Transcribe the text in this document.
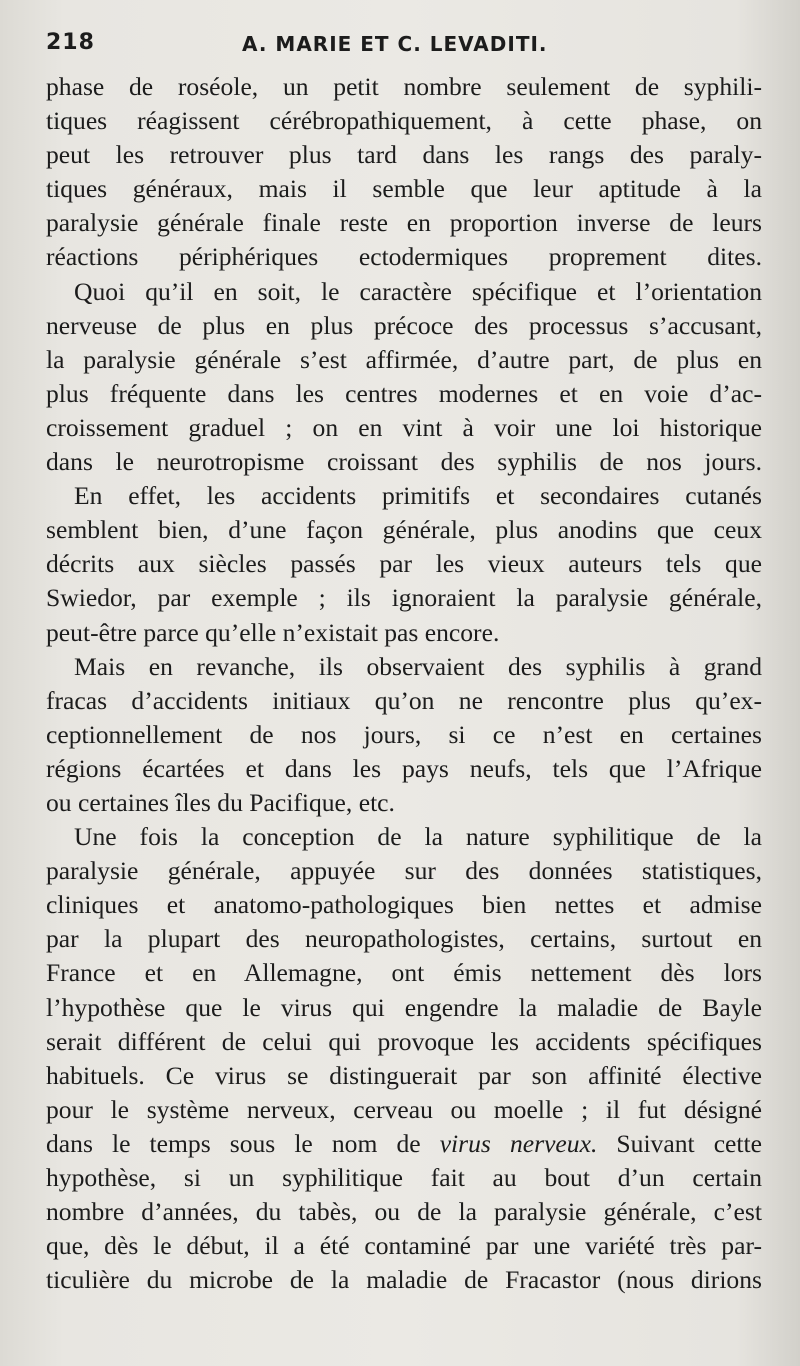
218	A. MARIE ET C. LEVADITI.

phase de roséole, un petit nombre seulement de syphili-
tiques réagissent cérébropathiquement, à cette phase, on
peut les retrouver plus tard dans les rangs des paraly-
tiques généraux, mais il semble que leur aptitude à la
paralysie générale finale reste en proportion inverse de leurs
réactions périphériques ectodermiques proprement dites.

Quoi qu’il en soit, le caractère spécifique et l’orientation
nerveuse de plus en plus précoce des processus s’accusant,
la paralysie générale s’est affirmée, d’autre part, de plus en
plus fréquente dans les centres modernes et en voie d’ac-
croissement graduel ; on en vint à voir une loi historique
dans le neurotropisme croissant des syphilis de nos jours.

En effet, les accidents primitifs et secondaires cutanés
semblent bien, d’une façon générale, plus anodins que ceux
décrits aux siècles passés par les vieux auteurs tels que
Swiedor, par exemple ; ils ignoraient la paralysie générale,
peut-être parce qu’elle n’existait pas encore.

Mais en revanche, ils observaient des syphilis à grand
fracas d’accidents initiaux qu’on ne rencontre plus qu’ex-
ceptionnellement de nos jours, si ce n’est en certaines
régions écartées et dans les pays neufs, tels que l’Afrique
ou certaines îles du Pacifique, etc.

Une fois la conception de la nature syphilitique de la
paralysie générale, appuyée sur des données statistiques,
cliniques et anatomo-pathologiques bien nettes et admise
par la plupart des neuropathologistes, certains, surtout en
France et en Allemagne, ont émis nettement dès lors
l’hypothèse que le virus qui engendre la maladie de Bayle
serait différent de celui qui provoque les accidents spécifiques
habituels. Ce virus se distinguerait par son affinité élective
pour le système nerveux, cerveau ou moelle ; il fut désigné
dans le temps sous le nom de virus nerveux. Suivant cette
hypothèse, si un syphilitique fait au bout d’un certain
nombre d’années, du tabès, ou de la paralysie générale, c’est
que, dès le début, il a été contaminé par une variété très par-
ticulière du microbe de la maladie de Fracastor (nous dirions
